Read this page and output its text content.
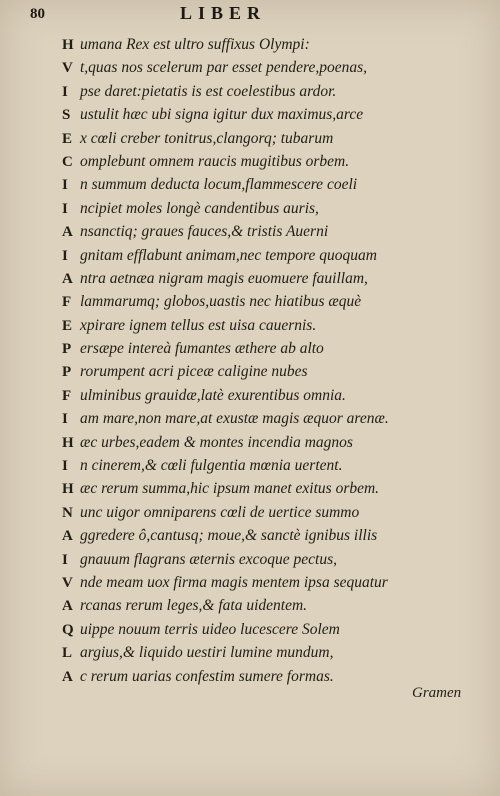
80	LIBER
H umana Rex est ultro suffixus Olympi:
V t,quas nos scelerum par esset pendere,poenas,
I pse daret:pietatis is est coelestibus ardor.
S ustulit hæc ubi signa igitur dux maximus,arce
E x cœli creber tonitrus,clangorq; tubarum
C omplebunt omnem raucis mugitibus orbem.
I n summum deducta locum,flammescere coeli
I ncipiet moles longè candentibus auris,
A nsanctiq; graues fauces,& tristis Auerni
I gnitam efflabunt animam,nec tempore quoquam
A ntra aetnæa nigram magis euomuere fauillam,
F lammarumq; globos,uastis nec hiatibus æquè
E xpirare ignem tellus est uisa cauernis.
P ersæpe intereà fumantes æthere ab alto
P rorumpent acri piceæ caligine nubes
F ulminibus grauidæ,latè exurentibus omnia.
I am mare,non mare,at exustæ magis æquor arenæ.
H æc urbes,eadem & montes incendia magnos
I n cinerem,& cœli fulgentia mœnia uertent.
H æc rerum summa,hic ipsum manet exitus orbem.
N unc uigor omniparens cœli de uertice summo
A ggredere ô,cantusq; moue,& sanctè ignibus illis
I gnauum flagrans æternis excoque pectus,
V nde meam uox firma magis mentem ipsa sequatur
A rcanas rerum leges,& fata uidentem.
Q uippe nouum terris uideo lucescere Solem
L argius,& liquido uestiri lumine mundum,
A c rerum uarias confestim sumere formas.
Gramen
